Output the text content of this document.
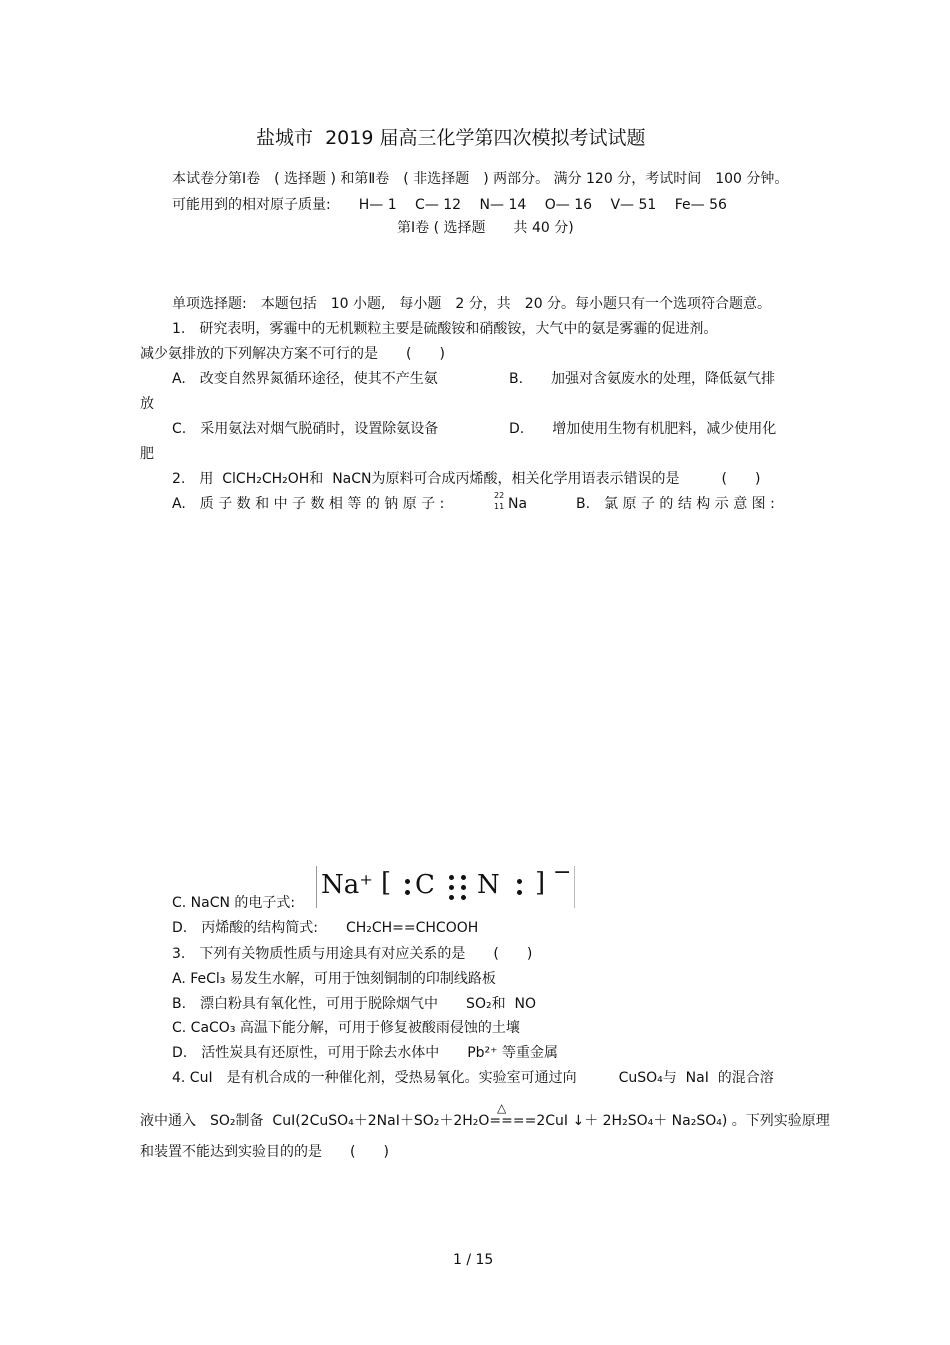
盐城市  2019 届高三化学第四次模拟考试试题
本试卷分第Ⅰ卷　( 选择题 ) 和第Ⅱ卷　( 非选择题　) 两部分。 满分 120 分，考试时间　100 分钟。
可能用到的相对原子质量:　　H— 1　 C— 12　 N— 14　 O— 16　 V— 51　 Fe— 56
第Ⅰ卷 ( 选择题　　共 40 分)
单项选择题:　本题包括　10 小题,　每小题　2 分，共　20 分。每小题只有一个选项符合题意。
1.　研究表明，雾霾中的无机颗粒主要是硫酸铵和硝酸铵，大气中的氨是雾霾的促进剂。
减少氨排放的下列解决方案不可行的是　　(　　)
A.　改变自然界氮循环途径，使其不产生氨	B.　　加强对含氨废水的处理，降低氨气排
放
C.　采用氨法对烟气脱硝时，设置除氨设备	D.　　增加使用生物有机肥料，减少使用化
肥
2.　用  ClCH₂CH₂OH和  NaCN为原料可合成丙烯酸，相关化学用语表示错误的是　　　(　　)
A.　质 子 数 和 中 子 数 相 等 的 钠 原 子 :
22
11 Na	B.　氯 原 子 的 结 构 示 意 图 :
C. NaCN 的电子式:
Na⁺ [ C N ] −
D.　丙烯酸的结构简式:　　CH₂CH==CHCOOH
3.　下列有关物质性质与用途具有对应关系的是　　(　　)
A. FeCl₃ 易发生水解，可用于蚀刻铜制的印制线路板
B.　漂白粉具有氧化性，可用于脱除烟气中　　SO₂和  NO
C. CaCO₃ 高温下能分解，可用于修复被酸雨侵蚀的土壤
D.　活性炭具有还原性，可用于除去水体中　　Pb²⁺ 等重金属
4. CuI　是有机合成的一种催化剂，受热易氧化。实验室可通过向　　　CuSO₄与  NaI  的混合溶
△
液中通入　SO₂制备  CuI(2CuSO₄＋2NaI＋SO₂＋2H₂O====2CuI ↓＋ 2H₂SO₄＋ Na₂SO₄) 。下列实验原理
和装置不能达到实验目的的是　　(　　)
1 / 15
